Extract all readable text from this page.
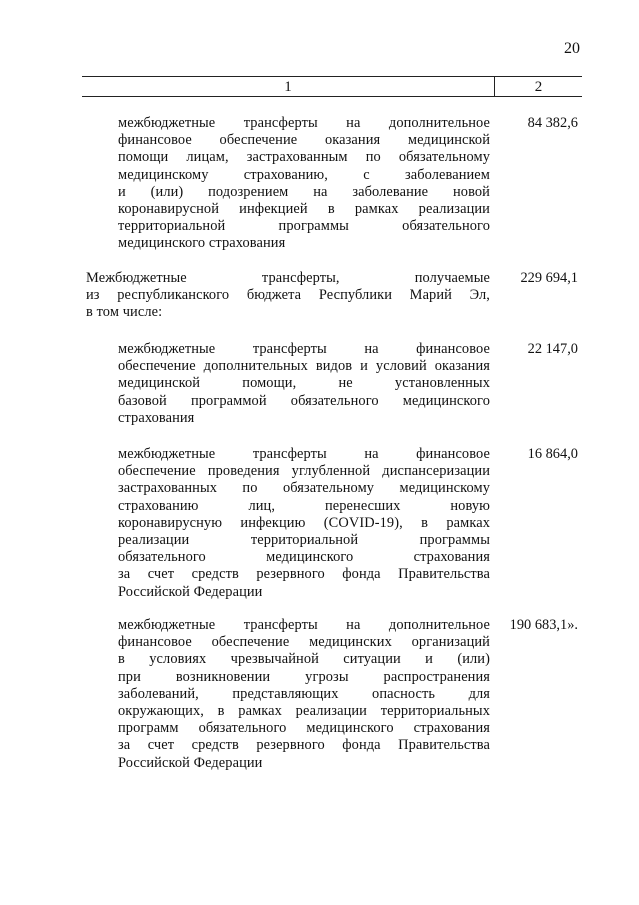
20
1	2
межбюджетные трансферты на дополнительное
финансовое обеспечение оказания медицинской
помощи лицам, застрахованным по обязательному
медицинскому страхованию, с заболеванием
и (или) подозрением на заболевание новой
коронавирусной инфекцией в рамках реализации
территориальной программы обязательного
медицинского страхования
84 382,6
Межбюджетные трансферты, получаемые
из республиканского бюджета Республики Марий Эл,
в том числе:
229 694,1
межбюджетные трансферты на финансовое
обеспечение дополнительных видов и условий оказания
медицинской помощи, не установленных
базовой программой обязательного медицинского
страхования
22 147,0
межбюджетные трансферты на финансовое
обеспечение проведения углубленной диспансеризации
застрахованных по обязательному медицинскому
страхованию лиц, перенесших новую
коронавирусную инфекцию (COVID-19), в рамках
реализации территориальной программы
обязательного медицинского страхования
за счет средств резервного фонда Правительства
Российской Федерации
16 864,0
межбюджетные трансферты на дополнительное
финансовое обеспечение медицинских организаций
в условиях чрезвычайной ситуации и (или)
при возникновении угрозы распространения
заболеваний, представляющих опасность для
окружающих, в рамках реализации территориальных
программ обязательного медицинского страхования
за счет средств резервного фонда Правительства
Российской Федерации
190 683,1».
